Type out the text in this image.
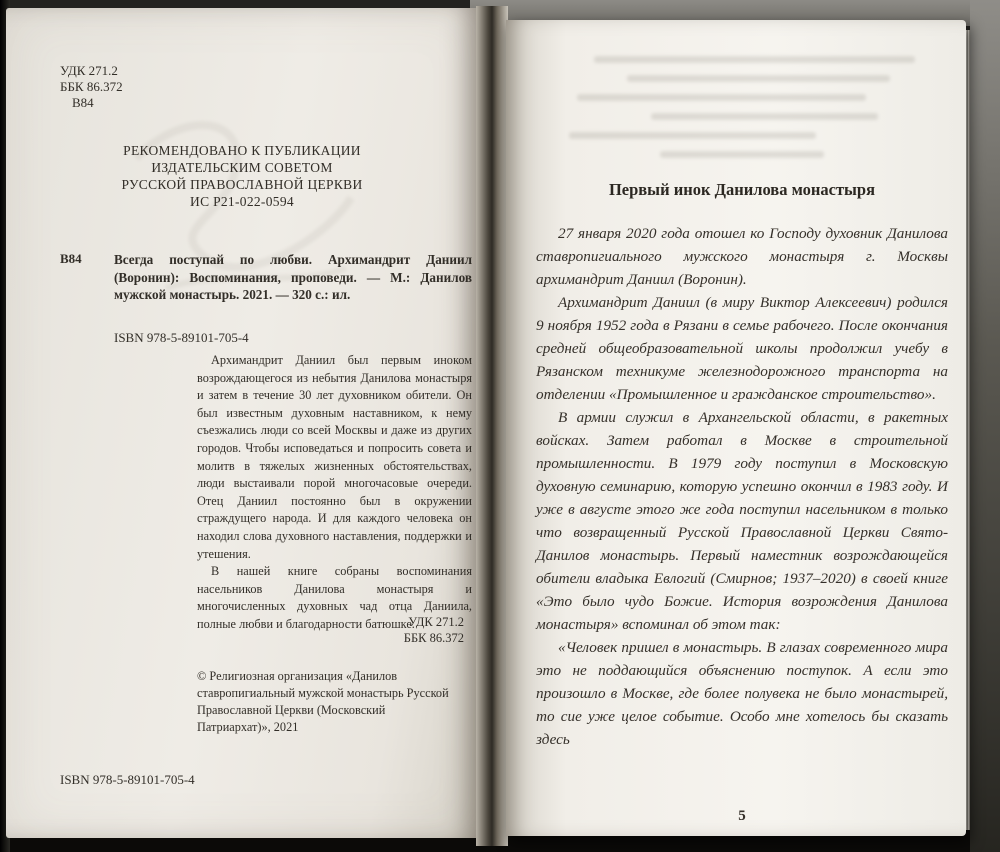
УДК 271.2
ББК 86.372
В84
РЕКОМЕНДОВАНО К ПУБЛИКАЦИИ
ИЗДАТЕЛЬСКИМ СОВЕТОМ
РУССКОЙ ПРАВОСЛАВНОЙ ЦЕРКВИ
ИС Р21-022-0594
В84	Всегда поступай по любви. Архимандрит Даниил (Воронин): Воспоминания, проповеди. — М.: Данилов мужской монастырь. 2021. — 320 с.: ил.
ISBN 978-5-89101-705-4

Архимандрит Даниил был первым иноком возрождающегося из небытия Данилова монастыря и затем в течение 30 лет духовником обители. Он был известным духовным наставником, к нему съезжались люди со всей Москвы и даже из других городов. Чтобы исповедаться и попросить совета и молитв в тяжелых жизненных обстоятельствах, люди выстаивали порой многочасовые очереди. Отец Даниил постоянно был в окружении страждущего народа. И для каждого человека он находил слова духовного наставления, поддержки и утешения.

В нашей книге собраны воспоминания насельников Данилова монастыря и многочисленных духовных чад отца Даниила, полные любви и благодарности батюшке.

УДК 271.2
ББК 86.372
© Религиозная организация «Данилов ставропигиальный мужской монастырь Русской Православной Церкви (Московский Патриархат)», 2021
ISBN 978-5-89101-705-4
Первый инок Данилова монастыря

27 января 2020 года отошел ко Господу духовник Данилова ставропигиального мужского монастыря г. Москвы архимандрит Даниил (Воронин).

Архимандрит Даниил (в миру Виктор Алексеевич) родился 9 ноября 1952 года в Рязани в семье рабочего. После окончания средней общеобразовательной школы продолжил учебу в Рязанском техникуме железнодорожного транспорта на отделении «Промышленное и гражданское строительство».

В армии служил в Архангельской области, в ракетных войсках. Затем работал в Москве в строительной промышленности. В 1979 году поступил в Московскую духовную семинарию, которую успешно окончил в 1983 году. И уже в августе этого же года поступил насельником в только что возвращенный Русской Православной Церкви Свято-Данилов монастырь. Первый наместник возрождающейся обители владыка Евлогий (Смирнов; 1937–2020) в своей книге «Это было чудо Божие. История возрождения Данилова монастыря» вспоминал об этом так:

«Человек пришел в монастырь. В глазах современного мира это не поддающийся объяснению поступок. А если это произошло в Москве, где более полувека не было монастырей, то сие уже целое событие. Особо мне хотелось бы сказать здесь

5
